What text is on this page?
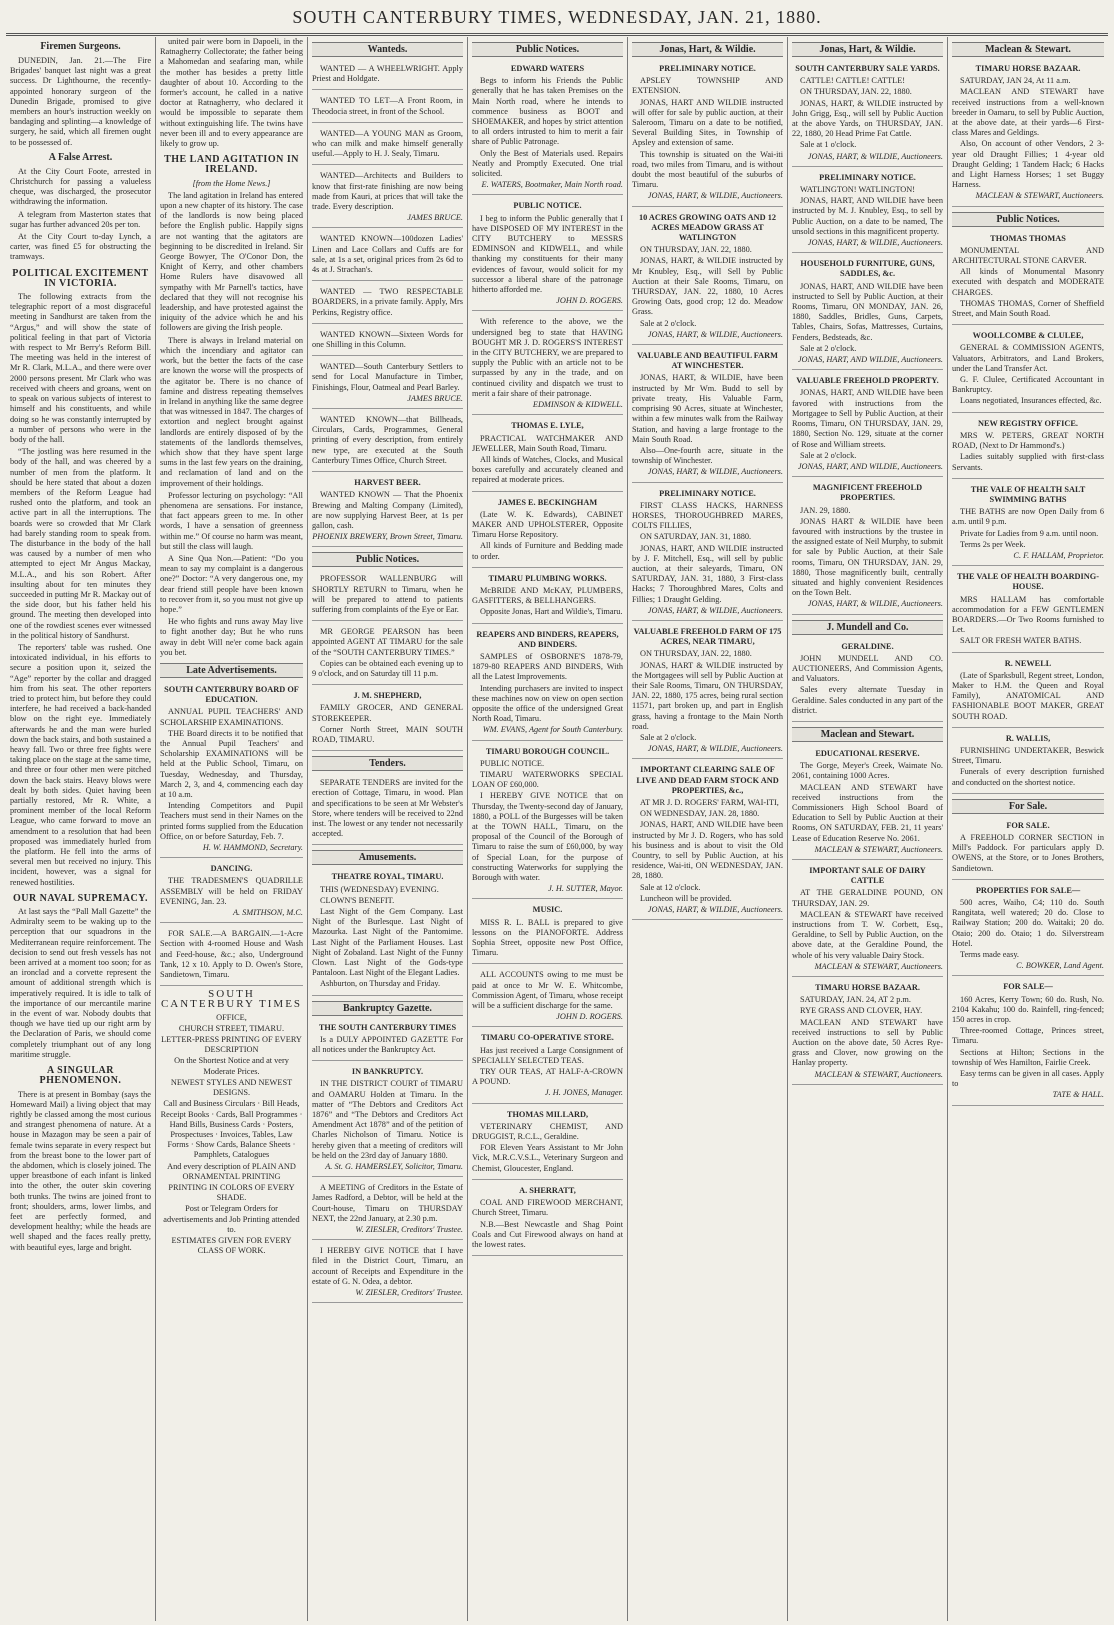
SOUTH CANTERBURY TIMES, WEDNESDAY, JAN. 21, 1880.
Firemen Surgeons.

DUNEDIN, Jan. 21.—The Fire Brigades' banquet last night was a great success. Dr Lighthourne, the recently-appointed honorary surgeon of the Dunedin Brigade, promised to give members an hour's instruction weekly on bandaging and splinting—a knowledge of surgery, he said, which all firemen ought to be possessed of.

A False Arrest.

At the City Court Foote, arrested in Christchurch for passing a valueless cheque, was discharged, the prosecutor withdrawing the information.

A telegram from Masterton states that sugar has further advanced 20s per ton.

At the City Court to-day Lynch, a carter, was fined £5 for obstructing the tramways.

POLITICAL EXCITEMENT IN VICTORIA.

The following extracts from the telegraphic report of a most disgraceful meeting in Sandhurst are taken from the “Argus,” and will show the state of political feeling in that part of Victoria with respect to Mr Berry's Reform Bill. The meeting was held in the interest of Mr R. Clark, M.L.A., and there were over 2000 persons present. Mr Clark who was received with cheers and groans, went on to speak on various subjects of interest to himself and his constituents, and while doing so he was constantly interrupted by a number of persons who were in the body of the hall.

“The jostling was here resumed in the body of the hall, and was cheered by a number of men from the platform. It should be here stated that about a dozen members of the Reform League had rushed onto the platform, and took an active part in all the interruptions. The boards were so crowded that Mr Clark had barely standing room to speak from. The disturbance in the body of the hall was caused by a number of men who attempted to eject Mr Angus Mackay, M.L.A., and his son Robert. After insulting about for ten minutes they succeeded in putting Mr R. Mackay out of the side door, but his father held his ground. The meeting then developed into one of the rowdiest scenes ever witnessed in the political history of Sandhurst.

The reporters' table was rushed. One intoxicated individual, in his efforts to secure a position upon it, seized the “Age” reporter by the collar and dragged him from his seat. The other reporters tried to protect him, but before they could interfere, he had received a back-handed blow on the right eye. Immediately afterwards he and the man were hurled down the back stairs, and both sustained a heavy fall. Two or three free fights were taking place on the stage at the same time, and three or four other men were pitched down the back stairs. Heavy blows were dealt by both sides. Quiet having been partially restored, Mr R. White, a prominent member of the local Reform League, who came forward to move an amendment to a resolution that had been proposed was immediately hurled from the platform. He fell into the arms of several men but received no injury. This incident, however, was a signal for renewed hostilities.

OUR NAVAL SUPREMACY.

At last says the “Pall Mall Gazette” the Admiralty seem to be waking up to the perception that our squadrons in the Mediterranean require reinforcement. The decision to send out fresh vessels has not been arrived at a moment too soon; for as an ironclad and a corvette represent the amount of additional strength which is imperatively required. It is idle to talk of the importance of our mercantile marine in the event of war. Nobody doubts that though we have tied up our right arm by the Declaration of Paris, we should come completely triumphant out of any long maritime struggle.

A SINGULAR PHENOMENON.

There is at present in Bombay (says the Homeward Mail) a living object that may rightly be classed among the most curious and strangest phenomena of nature. At a house in Mazagon may be seen a pair of female twins separate in every respect but from the breast bone to the lower part of the abdomen, which is closely joined. The upper breastbone of each infant is linked into the other, the outer skin covering both trunks. The twins are joined front to front; shoulders, arms, lower limbs, and feet are perfectly formed, and development healthy; while the heads are well shaped and the faces really pretty, with beautiful eyes, large and bright.

united pair were born in Dapoeli, in the Ratnagherry Collectorate; the father being a Mahomedan and seafaring man, while the mother has besides a pretty little daughter of about 10. According to the former's account, he called in a native doctor at Ratnagherry, who declared it would be impossible to separate them without extinguishing life. The twins have never been ill and to every appearance are likely to grow up.

THE LAND AGITATION IN IRELAND.
[from the Home News.]

The land agitation in Ireland has entered upon a new chapter of its history. The case of the landlords is now being placed before the English public. Happily signs are not wanting that the agitators are beginning to be discredited in Ireland. Sir George Bowyer, The O'Conor Don, the Knight of Kerry, and other chambers Home Rulers have disavowed all sympathy with Mr Parnell's tactics, have declared that they will not recognise his leadership, and have protested against the iniquity of the advice which he and his followers are giving the Irish people.

There is always in Ireland material on which the incendiary and agitator can work, but the better the facts of the case are known the worse will the prospects of the agitator be. There is no chance of famine and distress repeating themselves in Ireland in anything like the same degree that was witnessed in 1847. The charges of extortion and neglect brought against landlords are entirely disposed of by the statements of the landlords themselves, which show that they have spent large sums in the last few years on the draining, and reclamation of land and on the improvement of their holdings.

Professor lecturing on psychology: “All phenomena are sensations. For instance, that fact appears green to me. In other words, I have a sensation of greenness within me.” Of course no harm was meant, but still the class will laugh.

A Sine Qua Non.—Patient: “Do you mean to say my complaint is a dangerous one?” Doctor: “A very dangerous one, my dear friend still people have been known to recover from it, so you must not give up hope.”

He who fights and runs away May live to fight another day; But he who runs away in debt Will ne'er come back again you bet.

Late Advertisements.
SOUTH CANTERBURY BOARD OF EDUCATION.

ANNUAL PUPIL TEACHERS' AND SCHOLARSHIP EXAMINATIONS.

THE Board directs it to be notified that the Annual Pupil Teachers' and Scholarship EXAMINATIONS will be held at the Public School, Timaru, on Tuesday, Wednesday, and Thursday, March 2, 3, and 4, commencing each day at 10 a.m.

Intending Competitors and Pupil Teachers must send in their Names on the printed forms supplied from the Education Office, on or before Saturday, Feb. 7.

H. W. HAMMOND, Secretary.
DANCING.

THE TRADESMEN'S QUADRILLE ASSEMBLY will be held on FRIDAY EVENING, Jan. 23.

A. SMITHSON, M.C.

FOR SALE.—A BARGAIN.—1-Acre Section with 4-roomed House and Wash and Feed-house, &c.; also, Underground Tank, 12 x 10. Apply to D. Owen's Store, Sandietown, Timaru.

SOUTH CANTERBURY TIMES
OFFICE,
CHURCH STREET, TIMARU.
LETTER-PRESS PRINTING OF EVERY DESCRIPTION
On the Shortest Notice and at very Moderate Prices.
NEWEST STYLES AND NEWEST DESIGNS.
Call and Business Circulars · Bill Heads, Receipt Books · Cards, Ball Programmes · Hand Bills, Business Cards · Posters, Prospectuses · Invoices, Tables, Law Forms · Show Cards, Balance Sheets · Pamphlets, Catalogues
And every description of PLAIN AND ORNAMENTAL PRINTING
PRINTING IN COLORS OF EVERY SHADE.
Post or Telegram Orders for advertisements and Job Printing attended to.
ESTIMATES GIVEN FOR EVERY CLASS OF WORK.
Wanteds.

WANTED — A WHEELWRIGHT. Apply Priest and Holdgate.

WANTED TO LET—A Front Room, in Theodocia street, in front of the School.

WANTED—A YOUNG MAN as Groom, who can milk and make himself generally useful.—Apply to H. J. Sealy, Timaru.

WANTED—Architects and Builders to know that first-rate finishing are now being made from Kauri, at prices that will take the trade. Every description.

JAMES BRUCE.

WANTED KNOWN—100dozen Ladies' Linen and Lace Collars and Cuffs are for sale, at 1s a set, original prices from 2s 6d to 4s at J. Strachan's.

WANTED — TWO RESPECTABLE BOARDERS, in a private family. Apply, Mrs Perkins, Registry office.

WANTED KNOWN—Sixteen Words for one Shilling in this Column.

WANTED—South Canterbury Settlers to send for Local Manufacture in Timber, Finishings, Flour, Oatmeal and Pearl Barley.

JAMES BRUCE.

WANTED KNOWN—that Billheads, Circulars, Cards, Programmes, General printing of every description, from entirely new type, are executed at the South Canterbury Times Office, Church Street.

HARVEST BEER.

WANTED KNOWN — That the Phoenix Brewing and Malting Company (Limited), are now supplying Harvest Beer, at 1s per gallon, cash.

PHOENIX BREWERY, Brown Street, Timaru.
Public Notices.

PROFESSOR WALLENBURG will SHORTLY RETURN to Timaru, when he will be prepared to attend to patients suffering from complaints of the Eye or Ear.

MR GEORGE PEARSON has been appointed AGENT AT TIMARU for the sale of the “SOUTH CANTERBURY TIMES.”

Copies can be obtained each evening up to 9 o'clock, and on Saturday till 11 p.m.

J. M. SHEPHERD,

FAMILY GROCER, AND GENERAL STOREKEEPER.

Corner North Street, MAIN SOUTH ROAD, TIMARU.

Tenders.

SEPARATE TENDERS are invited for the erection of Cottage, Timaru, in wood. Plan and specifications to be seen at Mr Webster's Store, where tenders will be received to 22nd inst. The lowest or any tender not necessarily accepted.

Amusements.
THEATRE ROYAL, TIMARU.

THIS (WEDNESDAY) EVENING.

CLOWN'S BENEFIT.

Last Night of the Gem Company. Last Night of the Burlesque. Last Night of Mazourka. Last Night of the Pantomime. Last Night of the Parliament Houses. Last Night of Zobaland. Last Night of the Funny Clown. Last Night of the Gods-type Pantaloon. Last Night of the Elegant Ladies.

Ashburton, on Thursday and Friday.

Bankruptcy Gazette.
THE SOUTH CANTERBURY TIMES

Is a DULY APPOINTED GAZETTE For all notices under the Bankruptcy Act.

IN BANKRUPTCY.

IN THE DISTRICT COURT of TIMARU and OAMARU Holden at Timaru. In the matter of “The Debtors and Creditors Act 1876” and “The Debtors and Creditors Act Amendment Act 1878” and of the petition of Charles Nicholson of Timaru. Notice is hereby given that a meeting of creditors will be held on the 23rd day of January 1880.

A. St. G. HAMERSLEY, Solicitor, Timaru.

A MEETING of Creditors in the Estate of James Radford, a Debtor, will be held at the Court-house, Timaru on THURSDAY NEXT, the 22nd January, at 2.30 p.m.

W. ZIESLER, Creditors' Trustee.

I HEREBY GIVE NOTICE that I have filed in the District Court, Timaru, an account of Receipts and Expenditure in the estate of G. N. Odea, a debtor.

W. ZIESLER, Creditors' Trustee.
Public Notices.
EDWARD WATERS

Begs to inform his Friends the Public generally that he has taken Premises on the Main North road, where he intends to commence business as BOOT and SHOEMAKER, and hopes by strict attention to all orders intrusted to him to merit a fair share of Public Patronage.

Only the Best of Materials used. Repairs Neatly and Promptly Executed. One trial solicited.

E. WATERS, Bootmaker, Main North road.
PUBLIC NOTICE.

I beg to inform the Public generally that I have DISPOSED OF MY INTEREST in the CITY BUTCHERY to MESSRS EDMINSON and KIDWELL, and while thanking my constituents for their many evidences of favour, would solicit for my successor a liberal share of the patronage hitherto afforded me.

JOHN D. ROGERS.

With reference to the above, we the undersigned beg to state that HAVING BOUGHT MR J. D. ROGERS'S INTEREST in the CITY BUTCHERY, we are prepared to supply the Public with an article not to be surpassed by any in the trade, and on continued civility and dispatch we trust to merit a fair share of their patronage.

EDMINSON & KIDWELL.
THOMAS E. LYLE,

PRACTICAL WATCHMAKER AND JEWELLER, Main South Road, Timaru.

All kinds of Watches, Clocks, and Musical boxes carefully and accurately cleaned and repaired at moderate prices.

JAMES E. BECKINGHAM

(Late W. K. Edwards), CABINET MAKER AND UPHOLSTERER, Opposite Timaru Horse Repository.

All kinds of Furniture and Bedding made to order.

TIMARU PLUMBING WORKS.

McBRIDE AND McKAY, PLUMBERS, GASFITTERS, & BELLHANGERS.

Opposite Jonas, Hart and Wildie's, Timaru.

REAPERS AND BINDERS, REAPERS, AND BINDERS.

SAMPLES of OSBORNE'S 1878-79, 1879-80 REAPERS AND BINDERS, With all the Latest Improvements.

Intending purchasers are invited to inspect these machines now on view on open section opposite the office of the undersigned Great North Road, Timaru.

WM. EVANS, Agent for South Canterbury.
TIMARU BOROUGH COUNCIL.

PUBLIC NOTICE.

TIMARU WATERWORKS SPECIAL LOAN OF £60,000.

I HEREBY GIVE NOTICE that on Thursday, the Twenty-second day of January, 1880, a POLL of the Burgesses will be taken at the TOWN HALL, Timaru, on the proposal of the Council of the Borough of Timaru to raise the sum of £60,000, by way of Special Loan, for the purpose of constructing Waterworks for supplying the Borough with water.

J. H. SUTTER, Mayor.
MUSIC.

MISS R. L. BALL is prepared to give lessons on the PIANOFORTE. Address Sophia Street, opposite new Post Office, Timaru.

ALL ACCOUNTS owing to me must be paid at once to Mr W. E. Whitcombe, Commission Agent, of Timaru, whose receipt will be a sufficient discharge for the same.

JOHN D. ROGERS.
TIMARU CO-OPERATIVE STORE.

Has just received a Large Consignment of SPECIALLY SELECTED TEAS.

TRY OUR TEAS, AT HALF-A-CROWN A POUND.

J. H. JONES, Manager.
THOMAS MILLARD,

VETERINARY CHEMIST, AND DRUGGIST, R.C.L., Geraldine.

FOR Eleven Years Assistant to Mr John Vick, M.R.C.V.S.L., Veterinary Surgeon and Chemist, Gloucester, England.

A. SHERRATT,

COAL AND FIREWOOD MERCHANT, Church Street, Timaru.

N.B.—Best Newcastle and Shag Point Coals and Cut Firewood always on hand at the lowest rates.

Jonas, Hart, & Wildie.
PRELIMINARY NOTICE.

APSLEY TOWNSHIP AND EXTENSION.

JONAS, HART AND WILDIE instructed will offer for sale by public auction, at their Saleroom, Timaru on a date to be notified, Several Building Sites, in Township of Apsley and extension of same.

This township is situated on the Wai-iti road, two miles from Timaru, and is without doubt the most beautiful of the suburbs of Timaru.

JONAS, HART, & WILDIE, Auctioneers.
10 ACRES GROWING OATS AND 12 ACRES MEADOW GRASS AT WATLINGTON

ON THURSDAY, JAN. 22, 1880.

JONAS, HART, & WILDIE instructed by Mr Knubley, Esq., will Sell by Public Auction at their Sale Rooms, Timaru, on THURSDAY, JAN. 22, 1880, 10 Acres Growing Oats, good crop; 12 do. Meadow Grass.

Sale at 2 o'clock.

JONAS, HART, & WILDIE, Auctioneers.
VALUABLE AND BEAUTIFUL FARM AT WINCHESTER.

JONAS, HART, & WILDIE, have been instructed by Mr Wm. Budd to sell by private treaty, His Valuable Farm, comprising 90 Acres, situate at Winchester, within a few minutes walk from the Railway Station, and having a large frontage to the Main South Road.

Also—One-fourth acre, situate in the township of Winchester.

JONAS, HART, & WILDIE, Auctioneers.
PRELIMINARY NOTICE.

FIRST CLASS HACKS, HARNESS HORSES, THOROUGHBRED MARES, COLTS FILLIES,

ON SATURDAY, JAN. 31, 1880.

JONAS, HART, AND WILDIE instructed by J. F. Mitchell, Esq., will sell by public auction, at their saleyards, Timaru, ON SATURDAY, JAN. 31, 1880, 3 First-class Hacks; 7 Thoroughbred Mares, Colts and Fillies; 1 Draught Gelding.

JONAS, HART, & WILDIE, Auctioneers.
VALUABLE FREEHOLD FARM OF 175 ACRES, NEAR TIMARU,

ON THURSDAY, JAN. 22, 1880.

JONAS, HART & WILDIE instructed by the Mortgagees will sell by Public Auction at their Sale Rooms, Timaru, ON THURSDAY, JAN. 22, 1880, 175 acres, being rural section 11571, part broken up, and part in English grass, having a frontage to the Main North road.

Sale at 2 o'clock.

JONAS, HART, & WILDIE, Auctioneers.
IMPORTANT CLEARING SALE OF LIVE AND DEAD FARM STOCK AND PROPERTIES, &c.,

AT MR J. D. ROGERS' FARM, WAI-ITI,

ON WEDNESDAY, JAN. 28, 1880.

JONAS, HART, AND WILDIE have been instructed by Mr J. D. Rogers, who has sold his business and is about to visit the Old Country, to sell by Public Auction, at his residence, Wai-iti, ON WEDNESDAY, JAN. 28, 1880.

Sale at 12 o'clock.

Luncheon will be provided.

JONAS, HART, & WILDIE, Auctioneers.
Jonas, Hart, & Wildie.
SOUTH CANTERBURY SALE YARDS.

CATTLE! CATTLE! CATTLE!

ON THURSDAY, JAN. 22, 1880.

JONAS, HART, & WILDIE instructed by John Grigg, Esq., will sell by Public Auction at the above Yards, on THURSDAY, JAN. 22, 1880, 20 Head Prime Fat Cattle.

Sale at 1 o'clock.

JONAS, HART, & WILDIE, Auctioneers.
PRELIMINARY NOTICE.

WATLINGTON! WATLINGTON!

JONAS, HART, AND WILDIE have been instructed by M. J. Knubley, Esq., to sell by Public Auction, on a date to be named, The unsold sections in this magnificent property.

JONAS, HART, & WILDIE, Auctioneers.
HOUSEHOLD FURNITURE, GUNS, SADDLES, &c.

JONAS, HART, AND WILDIE have been instructed to Sell by Public Auction, at their Rooms, Timaru, ON MONDAY, JAN. 26, 1880, Saddles, Bridles, Guns, Carpets, Tables, Chairs, Sofas, Mattresses, Curtains, Fenders, Bedsteads, &c.

Sale at 2 o'clock.

JONAS, HART, AND WILDIE, Auctioneers.
VALUABLE FREEHOLD PROPERTY.

JONAS, HART, AND WILDIE have been favored with instructions from the Mortgagee to Sell by Public Auction, at their Rooms, Timaru, ON THURSDAY, JAN. 29, 1880, Section No. 129, situate at the corner of Rose and William streets.

Sale at 2 o'clock.

JONAS, HART, AND WILDIE, Auctioneers.
MAGNIFICENT FREEHOLD PROPERTIES.

JAN. 29, 1880.

JONAS HART & WILDIE have been favoured with instructions by the trustee in the assigned estate of Neil Murphy, to submit for sale by Public Auction, at their Sale rooms, Timaru, ON THURSDAY, JAN. 29, 1880, Those magnificently built, centrally situated and highly convenient Residences on the Town Belt.

JONAS, HART, & WILDIE, Auctioneers.
J. Mundell and Co.
GERALDINE.

JOHN MUNDELL AND CO. AUCTIONEERS, And Commission Agents, and Valuators.

Sales every alternate Tuesday in Geraldine. Sales conducted in any part of the district.

Maclean and Stewart.
EDUCATIONAL RESERVE.

The Gorge, Meyer's Creek, Waimate No. 2061, containing 1000 Acres.

MACLEAN AND STEWART have received instructions from the Commissioners High School Board of Education to Sell by Public Auction at their Rooms, ON SATURDAY, FEB. 21, 11 years' Lease of Education Reserve No. 2061.

MACLEAN & STEWART, Auctioneers.
IMPORTANT SALE OF DAIRY CATTLE

AT THE GERALDINE POUND, ON THURSDAY, JAN. 29.

MACLEAN & STEWART have received instructions from T. W. Corbett, Esq., Geraldine, to Sell by Public Auction, on the above date, at the Geraldine Pound, the whole of his very valuable Dairy Stock.

MACLEAN & STEWART, Auctioneers.
TIMARU HORSE BAZAAR.

SATURDAY, JAN. 24, AT 2 p.m.

RYE GRASS AND CLOVER, HAY.

MACLEAN AND STEWART have received instructions to sell by Public Auction on the above date, 50 Acres Rye-grass and Clover, now growing on the Hanlay property.

MACLEAN & STEWART, Auctioneers.
Maclean & Stewart.
TIMARU HORSE BAZAAR.

SATURDAY, JAN 24, At 11 a.m.

MACLEAN AND STEWART have received instructions from a well-known breeder in Oamaru, to sell by Public Auction, at the above date, at their yards—6 First-class Mares and Geldings.

Also, On account of other Vendors, 2 3-year old Draught Fillies; 1 4-year old Draught Gelding; 1 Tandem Hack; 6 Hacks and Light Harness Horses; 1 set Buggy Harness.

MACLEAN & STEWART, Auctioneers.
Public Notices.
THOMAS THOMAS

MONUMENTAL AND ARCHITECTURAL STONE CARVER.

All kinds of Monumental Masonry executed with despatch and MODERATE CHARGES.

THOMAS THOMAS, Corner of Sheffield Street, and Main South Road.

WOOLLCOMBE & CLULEE,

GENERAL & COMMISSION AGENTS, Valuators, Arbitrators, and Land Brokers, under the Land Transfer Act.

G. F. Clulee, Certificated Accountant in Bankruptcy.

Loans negotiated, Insurances effected, &c.

NEW REGISTRY OFFICE.

MRS W. PETERS, GREAT NORTH ROAD, (Next to Dr Hammond's.)

Ladies suitably supplied with first-class Servants.

THE VALE OF HEALTH SALT SWIMMING BATHS

THE BATHS are now Open Daily from 6 a.m. until 9 p.m.

Private for Ladies from 9 a.m. until noon.

Terms 2s per Week.

C. F. HALLAM, Proprietor.
THE VALE OF HEALTH BOARDING-HOUSE.

MRS HALLAM has comfortable accommodation for a FEW GENTLEMEN BOARDERS.—Or Two Rooms furnished to Let.

SALT OR FRESH WATER BATHS.

R. NEWELL

(Late of Sparksbull, Regent street, London, Maker to H.M. the Queen and Royal Family), ANATOMICAL AND FASHIONABLE BOOT MAKER, GREAT SOUTH ROAD.

R. WALLIS,

FURNISHING UNDERTAKER, Beswick Street, Timaru.

Funerals of every description furnished and conducted on the shortest notice.

For Sale.
FOR SALE.

A FREEHOLD CORNER SECTION in Mill's Paddock. For particulars apply D. OWENS, at the Store, or to Jones Brothers, Sandietown.

PROPERTIES FOR SALE—

500 acres, Waiho, C4; 110 do. South Rangitata, well watered; 20 do. Close to Railway Station; 200 do. Waitaki; 20 do. Otaio; 200 do. Otaio; 1 do. Silverstream Hotel.

Terms made easy.

C. BOWKER, Land Agent.
FOR SALE—

160 Acres, Kerry Town; 60 do. Rush, No. 2104 Kakahu; 100 do. Rainfell, ring-fenced; 150 acres in crop.

Three-roomed Cottage, Princes street, Timaru.

Sections at Hilton; Sections in the township of Wes Hamilton, Fairlie Creek.

Easy terms can be given in all cases. Apply to

TATE & HALL.
